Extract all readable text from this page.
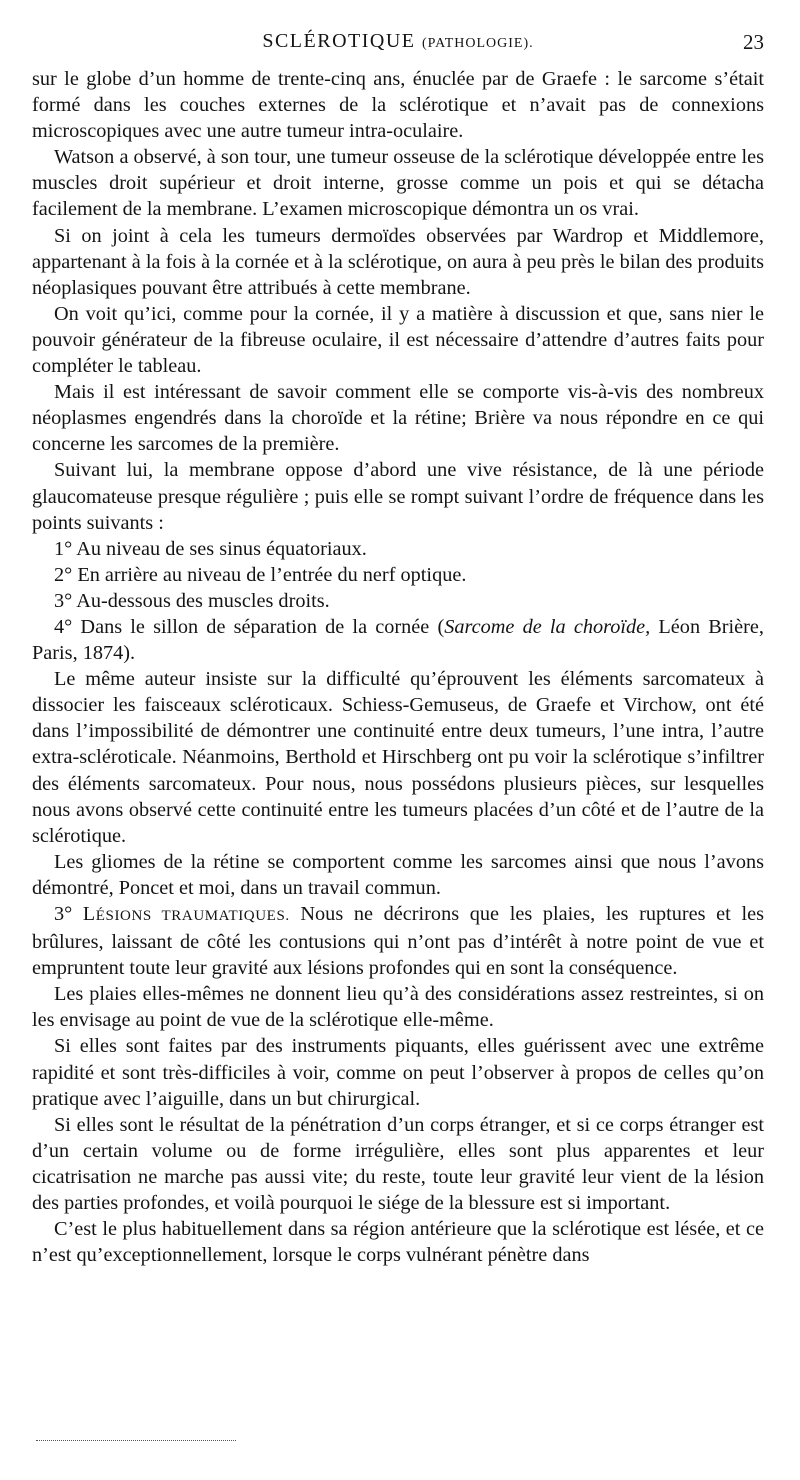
SCLÉROTIQUE (PATHOLOGIE).	23

sur le globe d’un homme de trente-cinq ans, énuclée par de Graefe : le sarcome s’était formé dans les couches externes de la sclérotique et n’avait pas de connexions microscopiques avec une autre tumeur intra-oculaire.

Watson a observé, à son tour, une tumeur osseuse de la sclérotique développée entre les muscles droit supérieur et droit interne, grosse comme un pois et qui se détacha facilement de la membrane. L’examen microscopique démontra un os vrai.

Si on joint à cela les tumeurs dermoïdes observées par Wardrop et Middlemore, appartenant à la fois à la cornée et à la sclérotique, on aura à peu près le bilan des produits néoplasiques pouvant être attribués à cette membrane.

On voit qu’ici, comme pour la cornée, il y a matière à discussion et que, sans nier le pouvoir générateur de la fibreuse oculaire, il est nécessaire d’attendre d’autres faits pour compléter le tableau.

Mais il est intéressant de savoir comment elle se comporte vis-à-vis des nombreux néoplasmes engendrés dans la choroïde et la rétine; Brière va nous répondre en ce qui concerne les sarcomes de la première.

Suivant lui, la membrane oppose d’abord une vive résistance, de là une période glaucomateuse presque régulière ; puis elle se rompt suivant l’ordre de fréquence dans les points suivants :

1° Au niveau de ses sinus équatoriaux.

2° En arrière au niveau de l’entrée du nerf optique.

3° Au-dessous des muscles droits.

4° Dans le sillon de séparation de la cornée (Sarcome de la choroïde, Léon Brière, Paris, 1874).

Le même auteur insiste sur la difficulté qu’éprouvent les éléments sarcomateux à dissocier les faisceaux scléroticaux. Schiess-Gemuseus, de Graefe et Virchow, ont été dans l’impossibilité de démontrer une continuité entre deux tumeurs, l’une intra, l’autre extra-scléroticale. Néanmoins, Berthold et Hirschberg ont pu voir la sclérotique s’infiltrer des éléments sarcomateux. Pour nous, nous possédons plusieurs pièces, sur lesquelles nous avons observé cette continuité entre les tumeurs placées d’un côté et de l’autre de la sclérotique.

Les gliomes de la rétine se comportent comme les sarcomes ainsi que nous l’avons démontré, Poncet et moi, dans un travail commun.

3° LÉSIONS TRAUMATIQUES. Nous ne décrirons que les plaies, les ruptures et les brûlures, laissant de côté les contusions qui n’ont pas d’intérêt à notre point de vue et empruntent toute leur gravité aux lésions profondes qui en sont la conséquence.

Les plaies elles-mêmes ne donnent lieu qu’à des considérations assez restreintes, si on les envisage au point de vue de la sclérotique elle-même.

Si elles sont faites par des instruments piquants, elles guérissent avec une extrême rapidité et sont très-difficiles à voir, comme on peut l’observer à propos de celles qu’on pratique avec l’aiguille, dans un but chirurgical.

Si elles sont le résultat de la pénétration d’un corps étranger, et si ce corps étranger est d’un certain volume ou de forme irrégulière, elles sont plus apparentes et leur cicatrisation ne marche pas aussi vite; du reste, toute leur gravité leur vient de la lésion des parties profondes, et voilà pourquoi le siége de la blessure est si important.

C’est le plus habituellement dans sa région antérieure que la sclérotique est lésée, et ce n’est qu’exceptionnellement, lorsque le corps vulnérant pénètre dans
